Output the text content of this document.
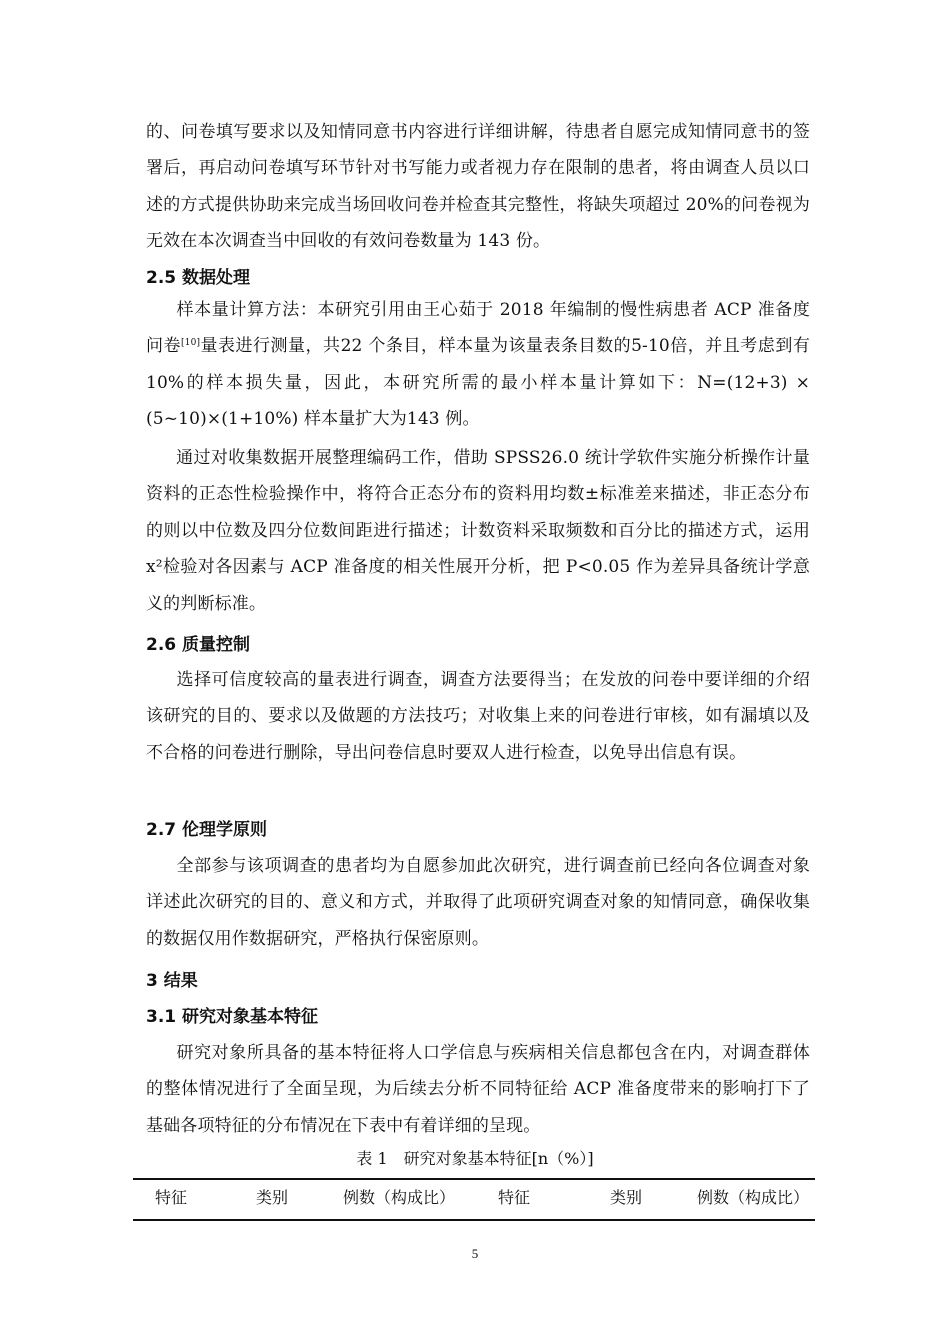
的、问卷填写要求以及知情同意书内容进行详细讲解，待患者自愿完成知情同意书的签署后，再启动问卷填写环节针对书写能力或者视力存在限制的患者，将由调查人员以口述的方式提供协助来完成当场回收问卷并检查其完整性，将缺失项超过 20%的问卷视为无效在本次调查当中回收的有效问卷数量为 143 份。
2.5 数据处理
样本量计算方法：本研究引用由王心茹于 2018 年编制的慢性病患者 ACP 准备度问卷[10]量表进行测量，共22 个条目，样本量为该量表条目数的5-10倍，并且考虑到有10%的样本损失量，因此，本研究所需的最小样本量计算如下：N=(12+3) × (5~10)×(1+10%) 样本量扩大为143 例。
通过对收集数据开展整理编码工作，借助 SPSS26.0 统计学软件实施分析操作计量资料的正态性检验操作中，将符合正态分布的资料用均数±标准差来描述，非正态分布的则以中位数及四分位数间距进行描述；计数资料采取频数和百分比的描述方式，运用 x²检验对各因素与 ACP 准备度的相关性展开分析，把 P<0.05 作为差异具备统计学意义的判断标准。
2.6 质量控制
选择可信度较高的量表进行调查，调查方法要得当；在发放的问卷中要详细的介绍该研究的目的、要求以及做题的方法技巧；对收集上来的问卷进行审核，如有漏填以及不合格的问卷进行删除，导出问卷信息时要双人进行检查，以免导出信息有误。
2.7 伦理学原则
全部参与该项调查的患者均为自愿参加此次研究，进行调查前已经向各位调查对象详述此次研究的目的、意义和方式，并取得了此项研究调查对象的知情同意，确保收集的数据仅用作数据研究，严格执行保密原则。
3 结果
3.1 研究对象基本特征
研究对象所具备的基本特征将人口学信息与疾病相关信息都包含在内，对调查群体的整体情况进行了全面呈现，为后续去分析不同特征给 ACP 准备度带来的影响打下了基础各项特征的分布情况在下表中有着详细的呈现。
表 1　研究对象基本特征[n（%）]
特征	类别	例数（构成比）	特征	类别	例数（构成比）
5
